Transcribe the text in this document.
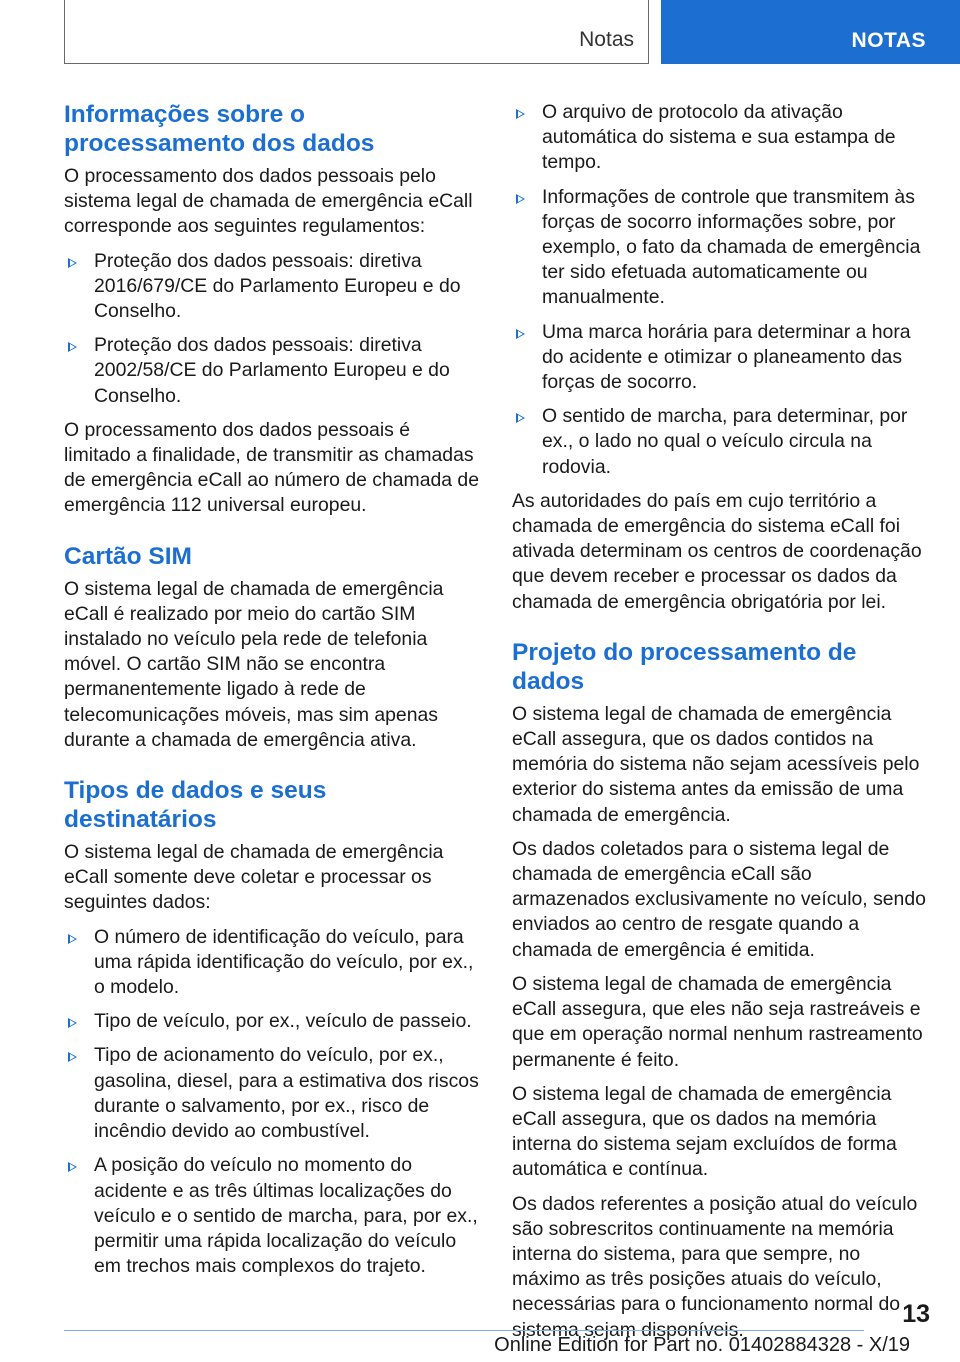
Notas	NOTAS
Informações sobre o processamento dos dados

O processamento dos dados pessoais pelo sistema legal de chamada de emergência eCall corresponde aos seguintes regulamentos:

Proteção dos dados pessoais: diretiva 2016/679/CE do Parlamento Europeu e do Conselho.
Proteção dos dados pessoais: diretiva 2002/58/CE do Parlamento Europeu e do Conselho.

O processamento dos dados pessoais é limitado a finalidade, de transmitir as chamadas de emergência eCall ao número de chamada de emergência 112 universal europeu.

Cartão SIM

O sistema legal de chamada de emergência eCall é realizado por meio do cartão SIM instalado no veículo pela rede de telefonia móvel. O cartão SIM não se encontra permanentemente ligado à rede de telecomunicações móveis, mas sim apenas durante a chamada de emergência ativa.

Tipos de dados e seus destinatários

O sistema legal de chamada de emergência eCall somente deve coletar e processar os seguintes dados:

O número de identificação do veículo, para uma rápida identificação do veículo, por ex., o modelo.
Tipo de veículo, por ex., veículo de passeio.
Tipo de acionamento do veículo, por ex., gasolina, diesel, para a estimativa dos riscos durante o salvamento, por ex., risco de incêndio devido ao combustível.
A posição do veículo no momento do acidente e as três últimas localizações do veículo e o sentido de marcha, para, por ex., permitir uma rápida localização do veículo em trechos mais complexos do trajeto.
O arquivo de protocolo da ativação automática do sistema e sua estampa de tempo.
Informações de controle que transmitem às forças de socorro informações sobre, por exemplo, o fato da chamada de emergência ter sido efetuada automaticamente ou manualmente.
Uma marca horária para determinar a hora do acidente e otimizar o planeamento das forças de socorro.
O sentido de marcha, para determinar, por ex., o lado no qual o veículo circula na rodovia.

As autoridades do país em cujo território a chamada de emergência do sistema eCall foi ativada determinam os centros de coordenação que devem receber e processar os dados da chamada de emergência obrigatória por lei.

Projeto do processamento de dados

O sistema legal de chamada de emergência eCall assegura, que os dados contidos na memória do sistema não sejam acessíveis pelo exterior do sistema antes da emissão de uma chamada de emergência.

Os dados coletados para o sistema legal de chamada de emergência eCall são armazenados exclusivamente no veículo, sendo enviados ao centro de resgate quando a chamada de emergência é emitida.

O sistema legal de chamada de emergência eCall assegura, que eles não seja rastreáveis e que em operação normal nenhum rastreamento permanente é feito.

O sistema legal de chamada de emergência eCall assegura, que os dados na memória interna do sistema sejam excluídos de forma automática e contínua.

Os dados referentes a posição atual do veículo são sobrescritos continuamente na memória interna do sistema, para que sempre, no máximo as três posições atuais do veículo, necessárias para o funcionamento normal do sistema sejam disponíveis.

13
Online Edition for Part no. 01402884328 - X/19
